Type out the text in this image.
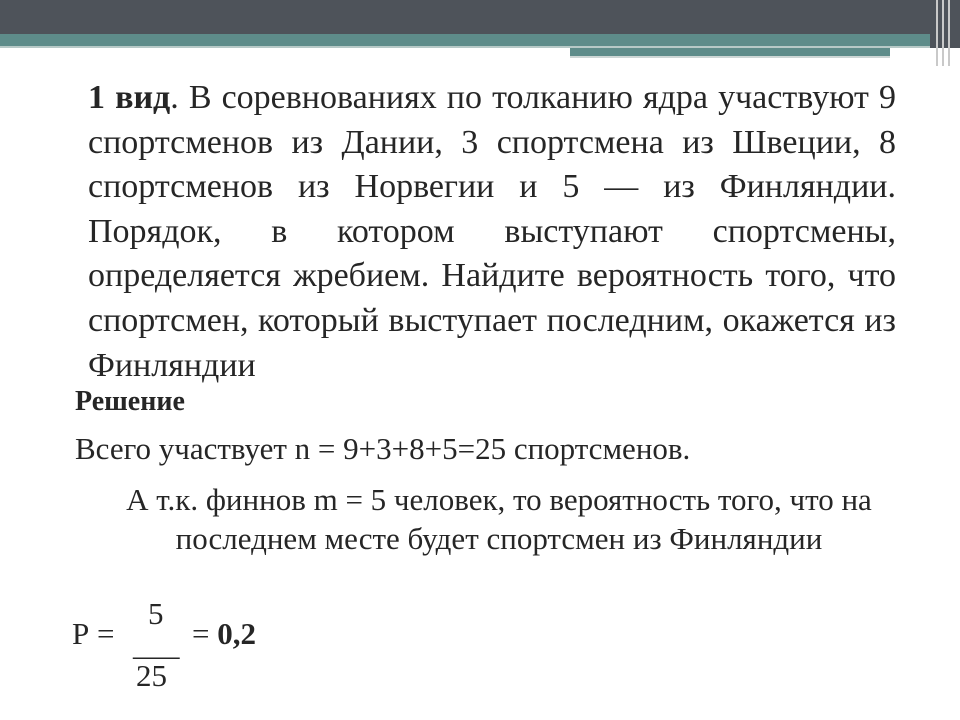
1 вид. В соревнованиях по толканию ядра участвуют 9 спортсменов из Дании, 3 спортсмена из Швеции, 8 спортсменов из Норвегии и 5 — из Финляндии. Порядок, в котором выступают спортсмены, определяется жребием. Найдите вероятность того, что спортсмен, который выступает последним, окажется из Финляндии
Решение
Всего участвует n = 9+3+8+5=25 спортсменов.
А т.к. финнов m = 5 человек, то вероятность того, что на последнем месте будет спортсмен из Финляндии
Р =
5
___
25
= 0,2
